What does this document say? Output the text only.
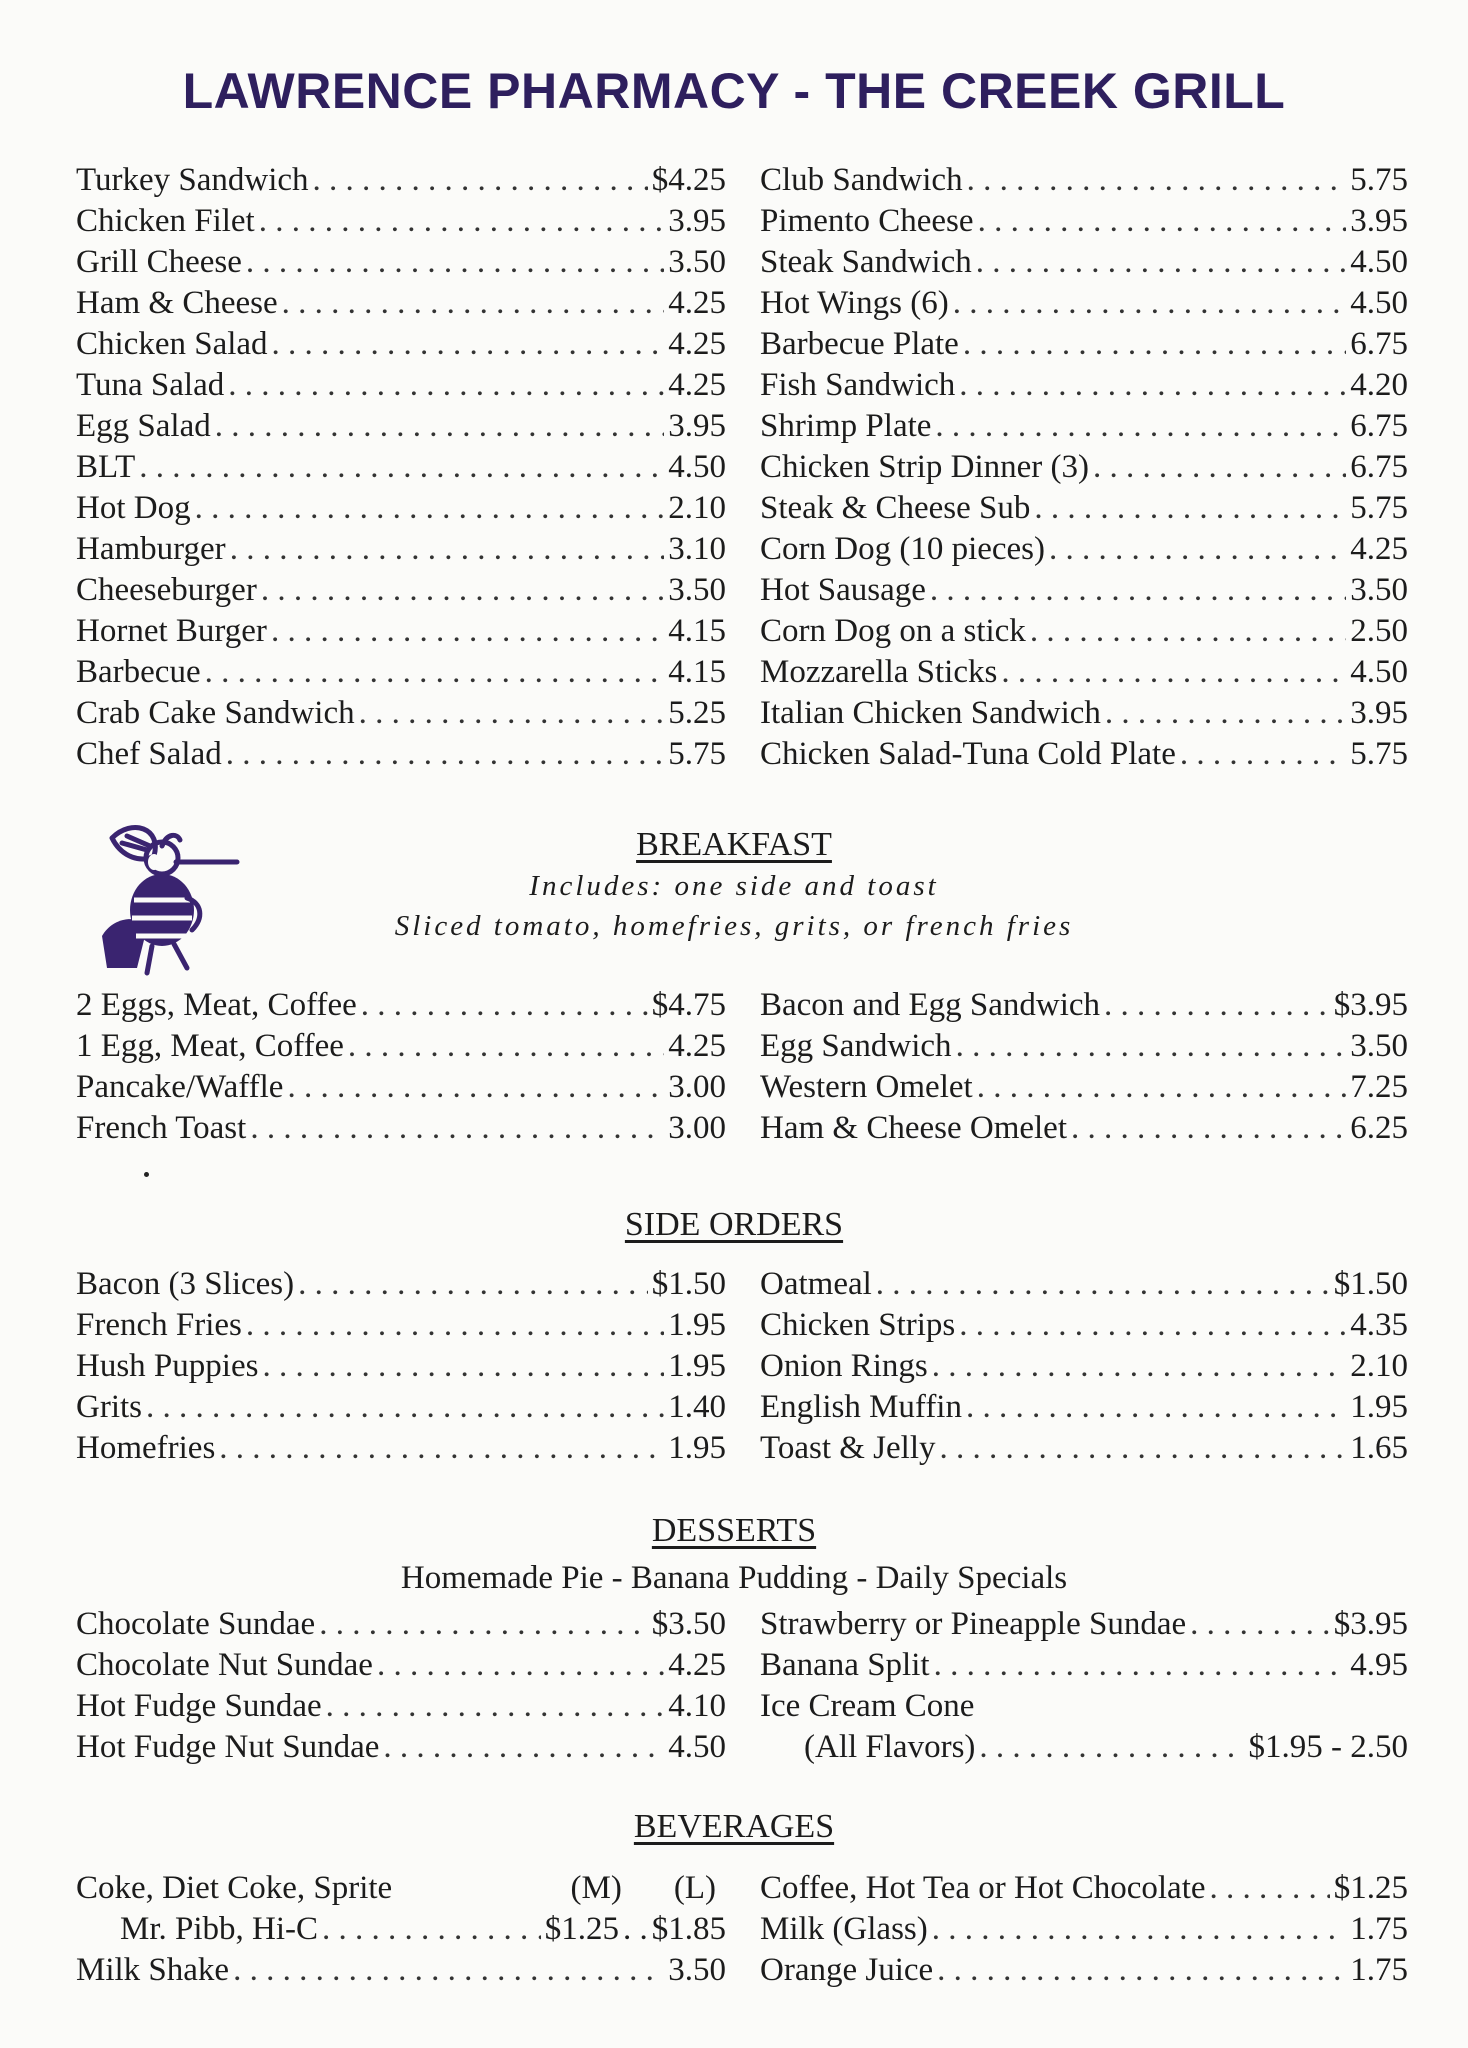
LAWRENCE PHARMACY - THE CREEK GRILL
Turkey Sandwich . . .	$4.25
Chicken Filet . . .	3.95
Grill Cheese . . .	3.50
Ham & Cheese . . .	4.25
Chicken Salad . . .	4.25
Tuna Salad . . .	4.25
Egg Salad . . .	3.95
BLT . . .	4.50
Hot Dog . . .	2.10
Hamburger . . .	3.10
Cheeseburger . . .	3.50
Hornet Burger . . .	4.15
Barbecue . . .	4.15
Crab Cake Sandwich . . .	5.25
Chef Salad . . .	5.75
Club Sandwich . . .	5.75
Pimento Cheese . . .	3.95
Steak Sandwich . . .	4.50
Hot Wings (6) . . .	4.50
Barbecue Plate . . .	6.75
Fish Sandwich . . .	4.20
Shrimp Plate . . .	6.75
Chicken Strip Dinner (3) . . .	6.75
Steak & Cheese Sub . . .	5.75
Corn Dog (10 pieces) . . .	4.25
Hot Sausage . . .	3.50
Corn Dog on a stick . . .	2.50
Mozzarella Sticks . . .	4.50
Italian Chicken Sandwich . . .	3.95
Chicken Salad-Tuna Cold Plate . . .	5.75
BREAKFAST
Includes: one side and toast
Sliced tomato, homefries, grits, or french fries
2 Eggs, Meat, Coffee . . .	$4.75
1 Egg, Meat, Coffee . . .	4.25
Pancake/Waffle . . .	3.00
French Toast . . .	3.00
Bacon and Egg Sandwich . . .	$3.95
Egg Sandwich . . .	3.50
Western Omelet . . .	7.25
Ham & Cheese Omelet . . .	6.25
SIDE ORDERS
Bacon (3 Slices) . . .	$1.50
French Fries . . .	1.95
Hush Puppies . . .	1.95
Grits . . .	1.40
Homefries . . .	1.95
Oatmeal . . .	$1.50
Chicken Strips . . .	4.35
Onion Rings . . .	2.10
English Muffin . . .	1.95
Toast & Jelly . . .	1.65
DESSERTS
Homemade Pie - Banana Pudding - Daily Specials
Chocolate Sundae . . .	$3.50
Chocolate Nut Sundae . . .	4.25
Hot Fudge Sundae . . .	4.10
Hot Fudge Nut Sundae . . .	4.50
Strawberry or Pineapple Sundae . . .	$3.95
Banana Split . . .	4.95
Ice Cream Cone
(All Flavors) . . .	$1.95 - 2.50
BEVERAGES
Coke, Diet Coke, Sprite	(M) (L)
Mr. Pibb, Hi-C . . .	$1.25 . . $1.85
Milk Shake . . .	3.50
Coffee, Hot Tea or Hot Chocolate . . .	$1.25
Milk (Glass) . . .	1.75
Orange Juice . . .	1.75
